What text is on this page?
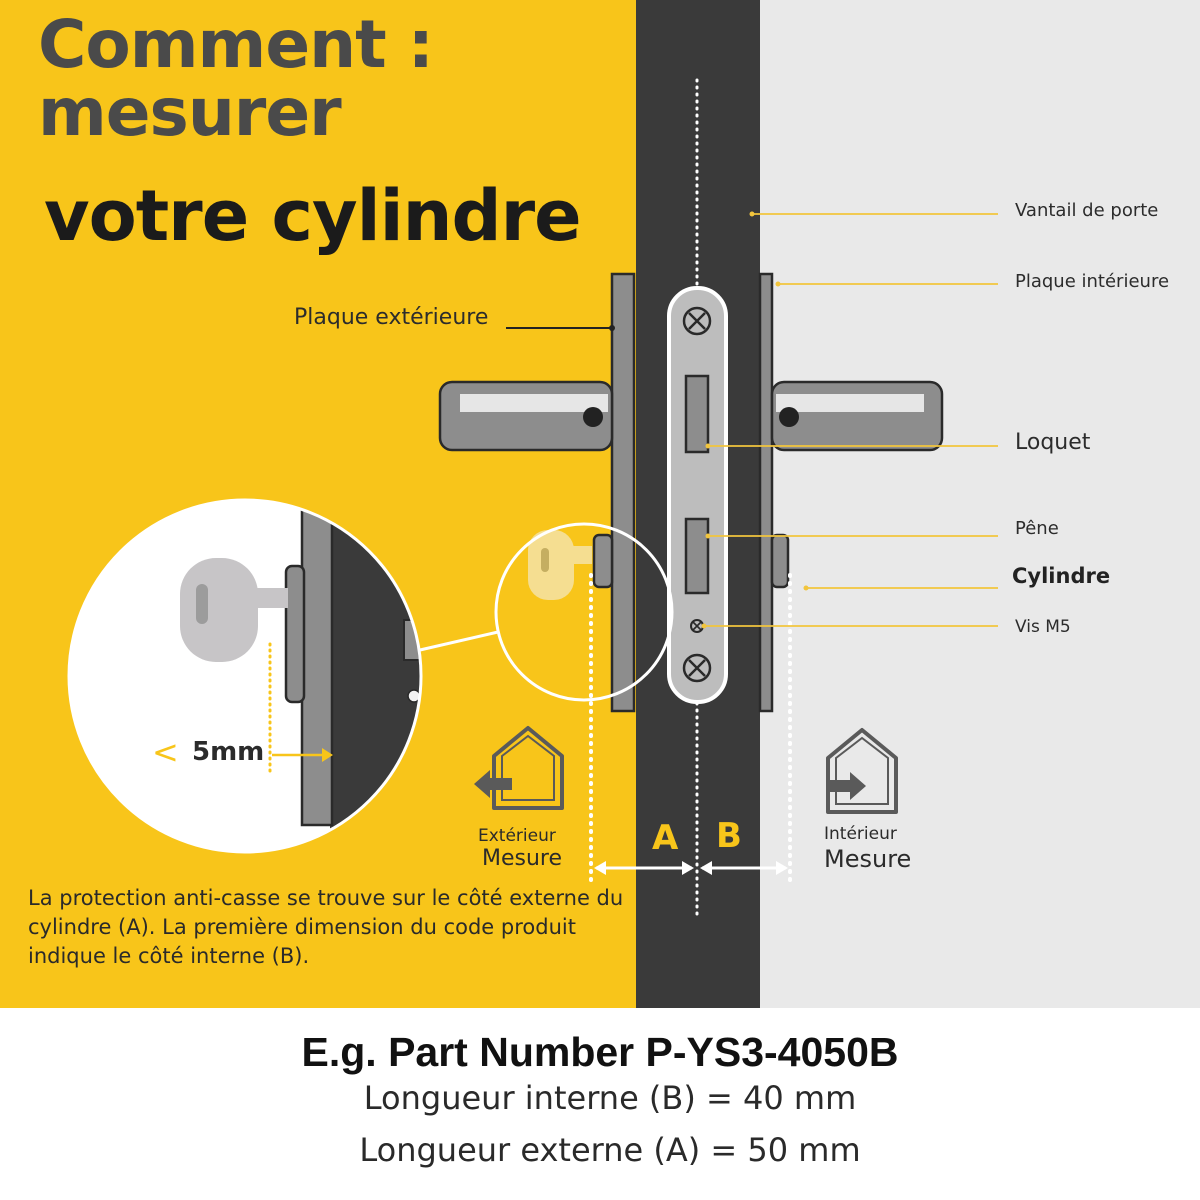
<
Comment :
mesurer
votre cylindre
Plaque extérieure
Vantail de porte
Plaque intérieure
Loquet
Pêne
Cylindre
Vis M5
5mm
Extérieur
Mesure
Intérieur
Mesure
A B

La protection anti-casse se trouve sur le côté externe du cylindre (A). La première dimension du code produit indique le côté interne (B).

E.g. Part Number P-YS3-4050B

Longueur interne (B) = 40 mm

Longueur externe (A) = 50 mm
